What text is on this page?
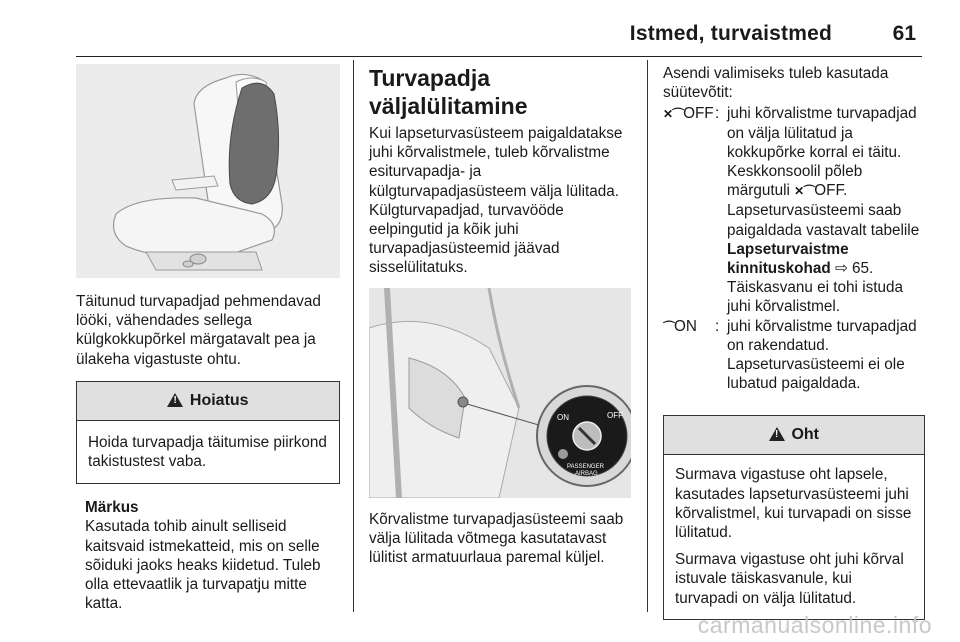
Istmed, turvaistmed	61

Täitunud turvapadjad pehmendavad lööki, vähendades sellega külgkokkupõrkel märgatavalt pea ja ülakeha vigastuste ohtu.

! Hoiatus

Hoida turvapadja täitumise piirkond takistustest vaba.

Märkus

Kasutada tohib ainult selliseid kaitsvaid istmekatteid, mis on selle sõiduki jaoks heaks kiidetud. Tuleb olla ettevaatlik ja turvapatju mitte katta.

Turvapadja väljalülitamine

Kui lapseturvasüsteem paigaldatakse juhi kõrvalistmele, tuleb kõrvalistme esiturvapadja- ja külgturvapadjasüsteem välja lülitada. Külgturvapadjad, turvavööde eelpingutid ja kõik juhi turvapadjasüsteemid jäävad sisselülitatuks.

ON	OFF
PASSENGER
AIRBAG

Kõrvalistme turvapadjasüsteemi saab välja lülitada võtmega kasutatavast lülitist armatuurlaua paremal küljel.

Asendi valimiseks tuleb kasutada süütevõtit:

✕⌒OFF : juhi kõrvalistme turvapadjad on välja lülitatud ja kokkupõrke korral ei täitu. Keskkonsoolil põleb märgutuli ✕⌒OFF.
Lapseturvasüsteemi saab paigaldada vastavalt tabelile Lapseturvaistme kinnituskohad ⇨ 65.
Täiskasvanu ei tohi istuda juhi kõrvalistmel.
⌒ON	: juhi kõrvalistme turvapadjad on rakendatud. Lapseturvasüsteemi ei ole lubatud paigaldada.
! Oht

Surmava vigastuse oht lapsele, kasutades lapseturvasüsteemi juhi kõrvalistmel, kui turvapadi on sisse lülitatud.

Surmava vigastuse oht juhi kõrval istuvale täiskasvanule, kui turvapadi on välja lülitatud.

carmanualsonline.info
